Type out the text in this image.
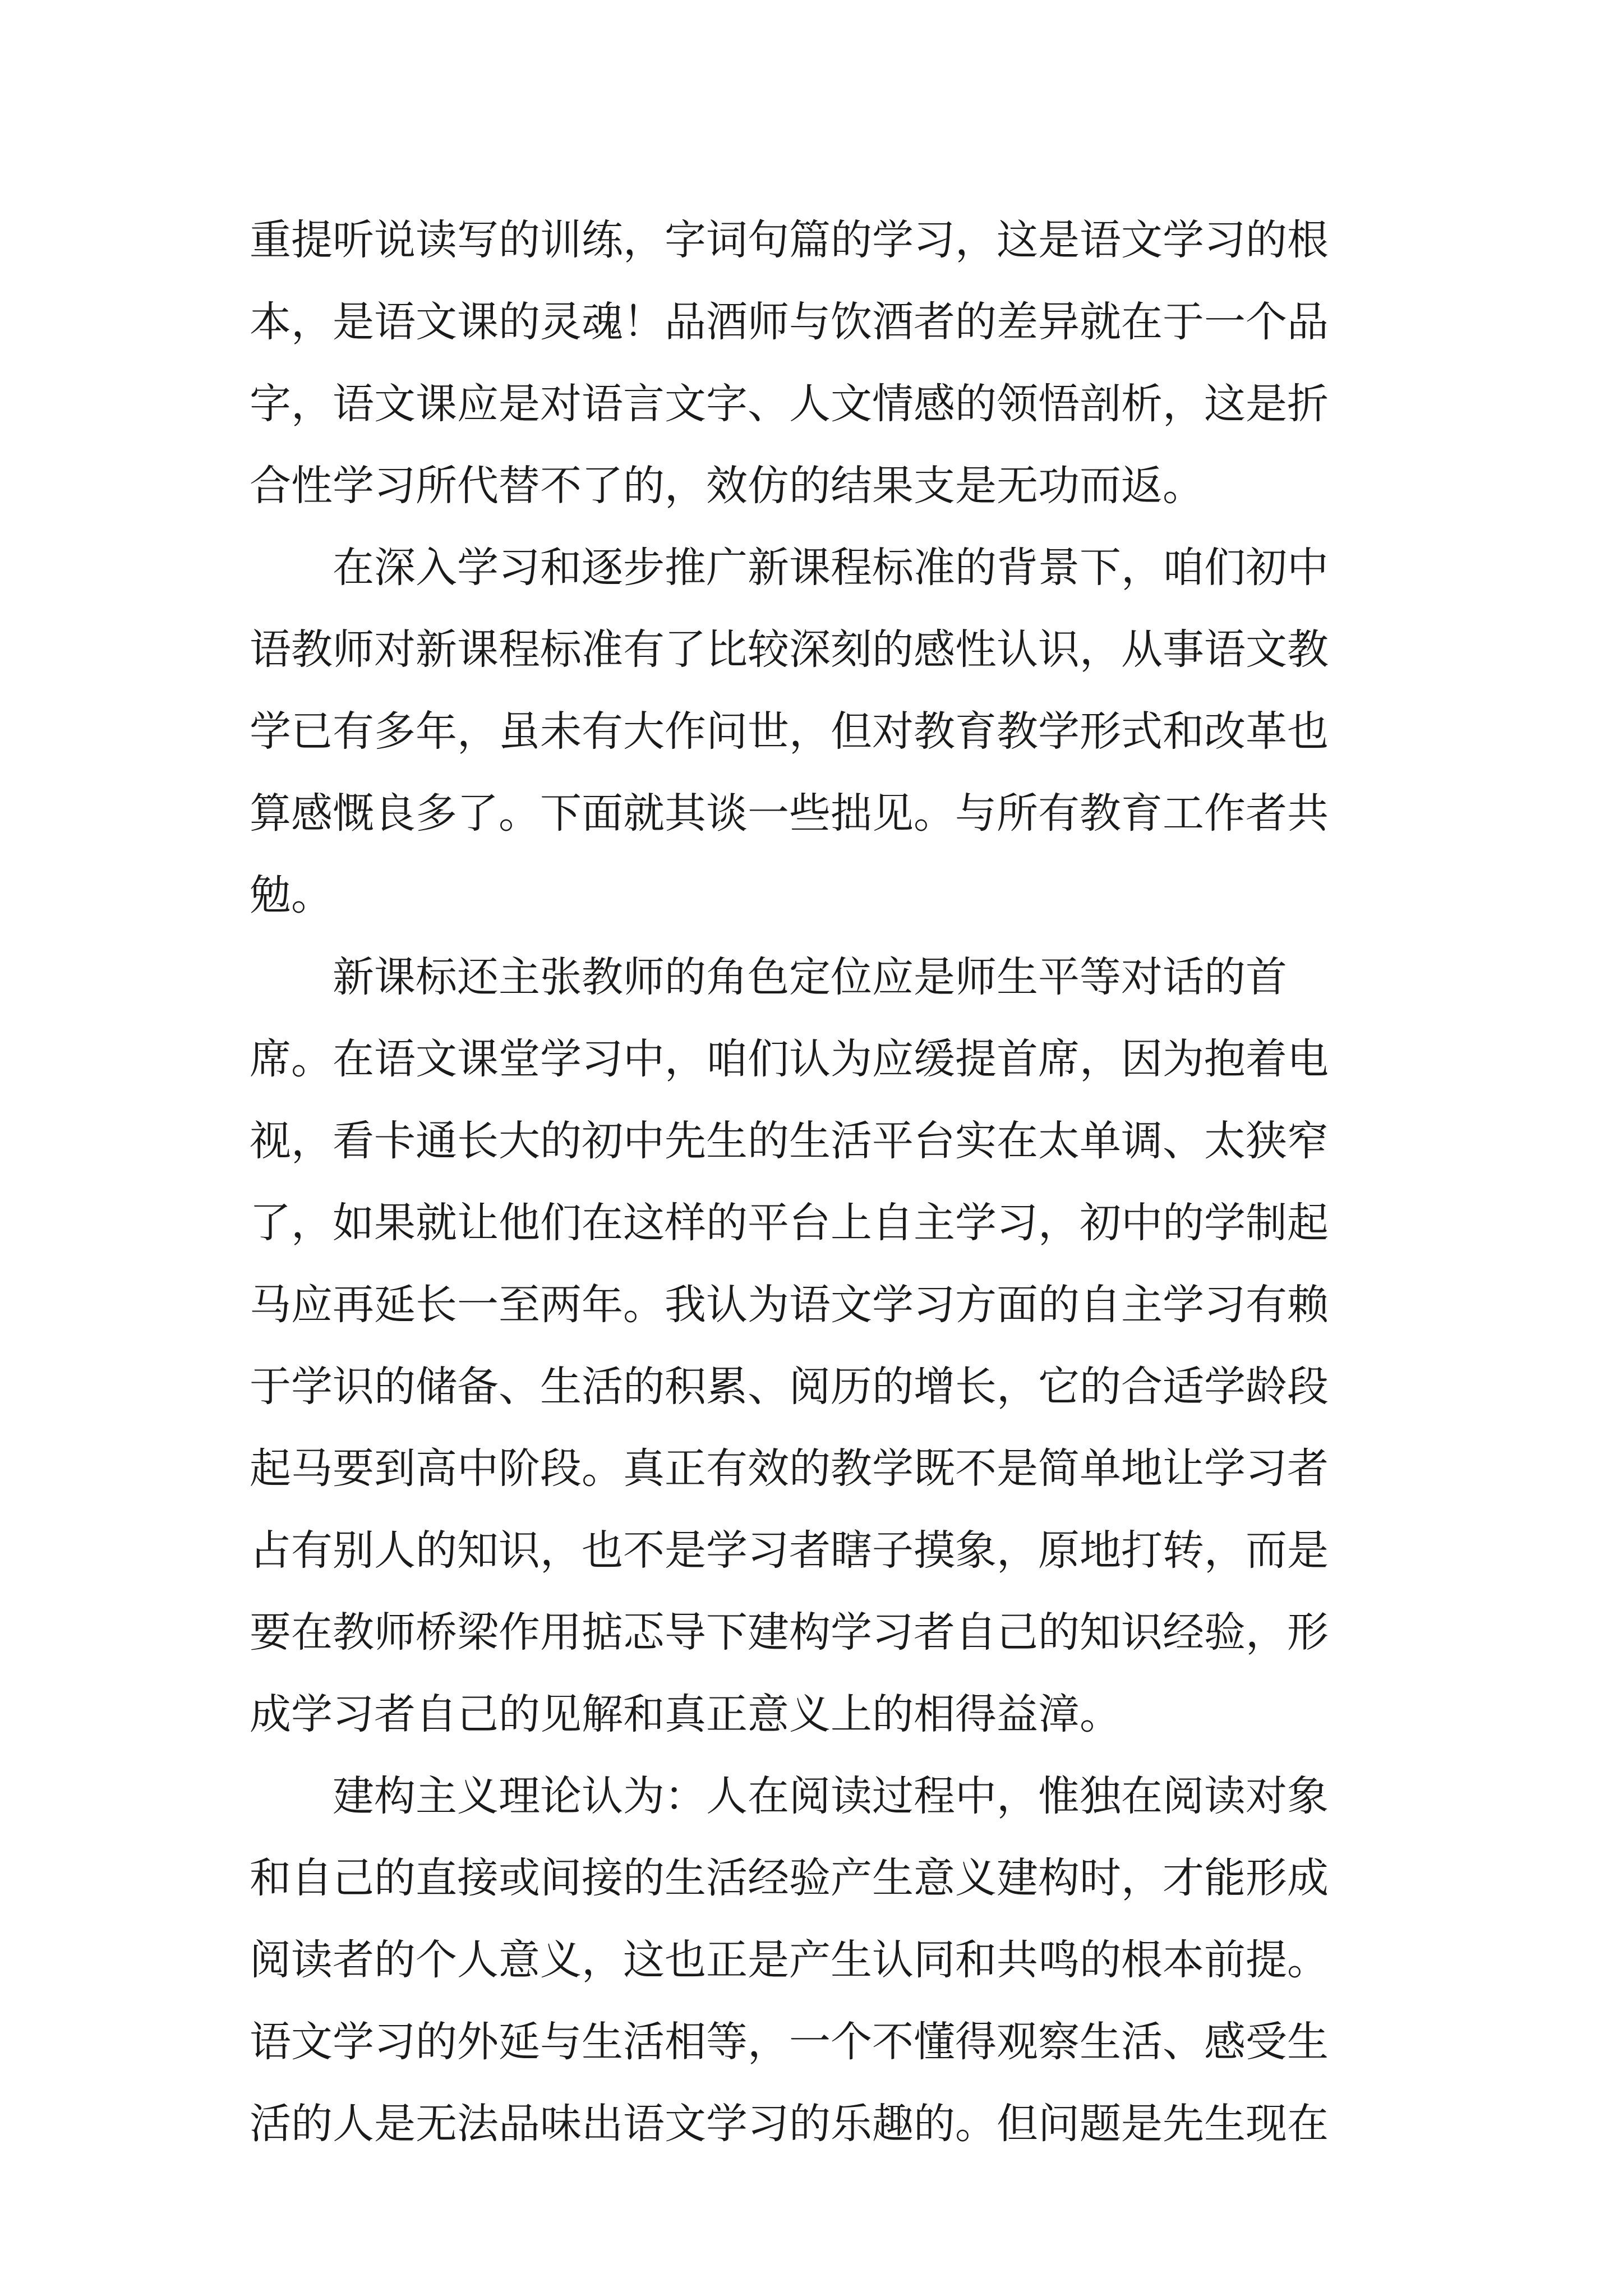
重提听说读写的训练，字词句篇的学习，这是语文学习的根
本，是语文课的灵魂！品酒师与饮酒者的差异就在于一个品
字，语文课应是对语言文字、人文情感的领悟剖析，这是折
合性学习所代替不了的，效仿的结果支是无功而返。
　　在深入学习和逐步推广新课程标准的背景下，咱们初中
语教师对新课程标准有了比较深刻的感性认识，从事语文教
学已有多年，虽未有大作问世，但对教育教学形式和改革也
算感慨良多了。下面就其谈一些拙见。与所有教育工作者共
勉。
　　新课标还主张教师的角色定位应是师生平等对话的首
席。在语文课堂学习中，咱们认为应缓提首席，因为抱着电
视，看卡通长大的初中先生的生活平台实在太单调、太狭窄
了，如果就让他们在这样的平台上自主学习，初中的学制起
马应再延长一至两年。我认为语文学习方面的自主学习有赖
于学识的储备、生活的积累、阅历的增长，它的合适学龄段
起马要到高中阶段。真正有效的教学既不是简单地让学习者
占有别人的知识，也不是学习者瞎子摸象，原地打转，而是
要在教师桥梁作用掂忑导下建构学习者自己的知识经验，形
成学习者自己的见解和真正意义上的相得益漳。
　　建构主义理论认为：人在阅读过程中，惟独在阅读对象
和自己的直接或间接的生活经验产生意义建构时，才能形成
阅读者的个人意义，这也正是产生认同和共鸣的根本前提。
语文学习的外延与生活相等，一个不懂得观察生活、感受生
活的人是无法品味出语文学习的乐趣的。但问题是先生现在
